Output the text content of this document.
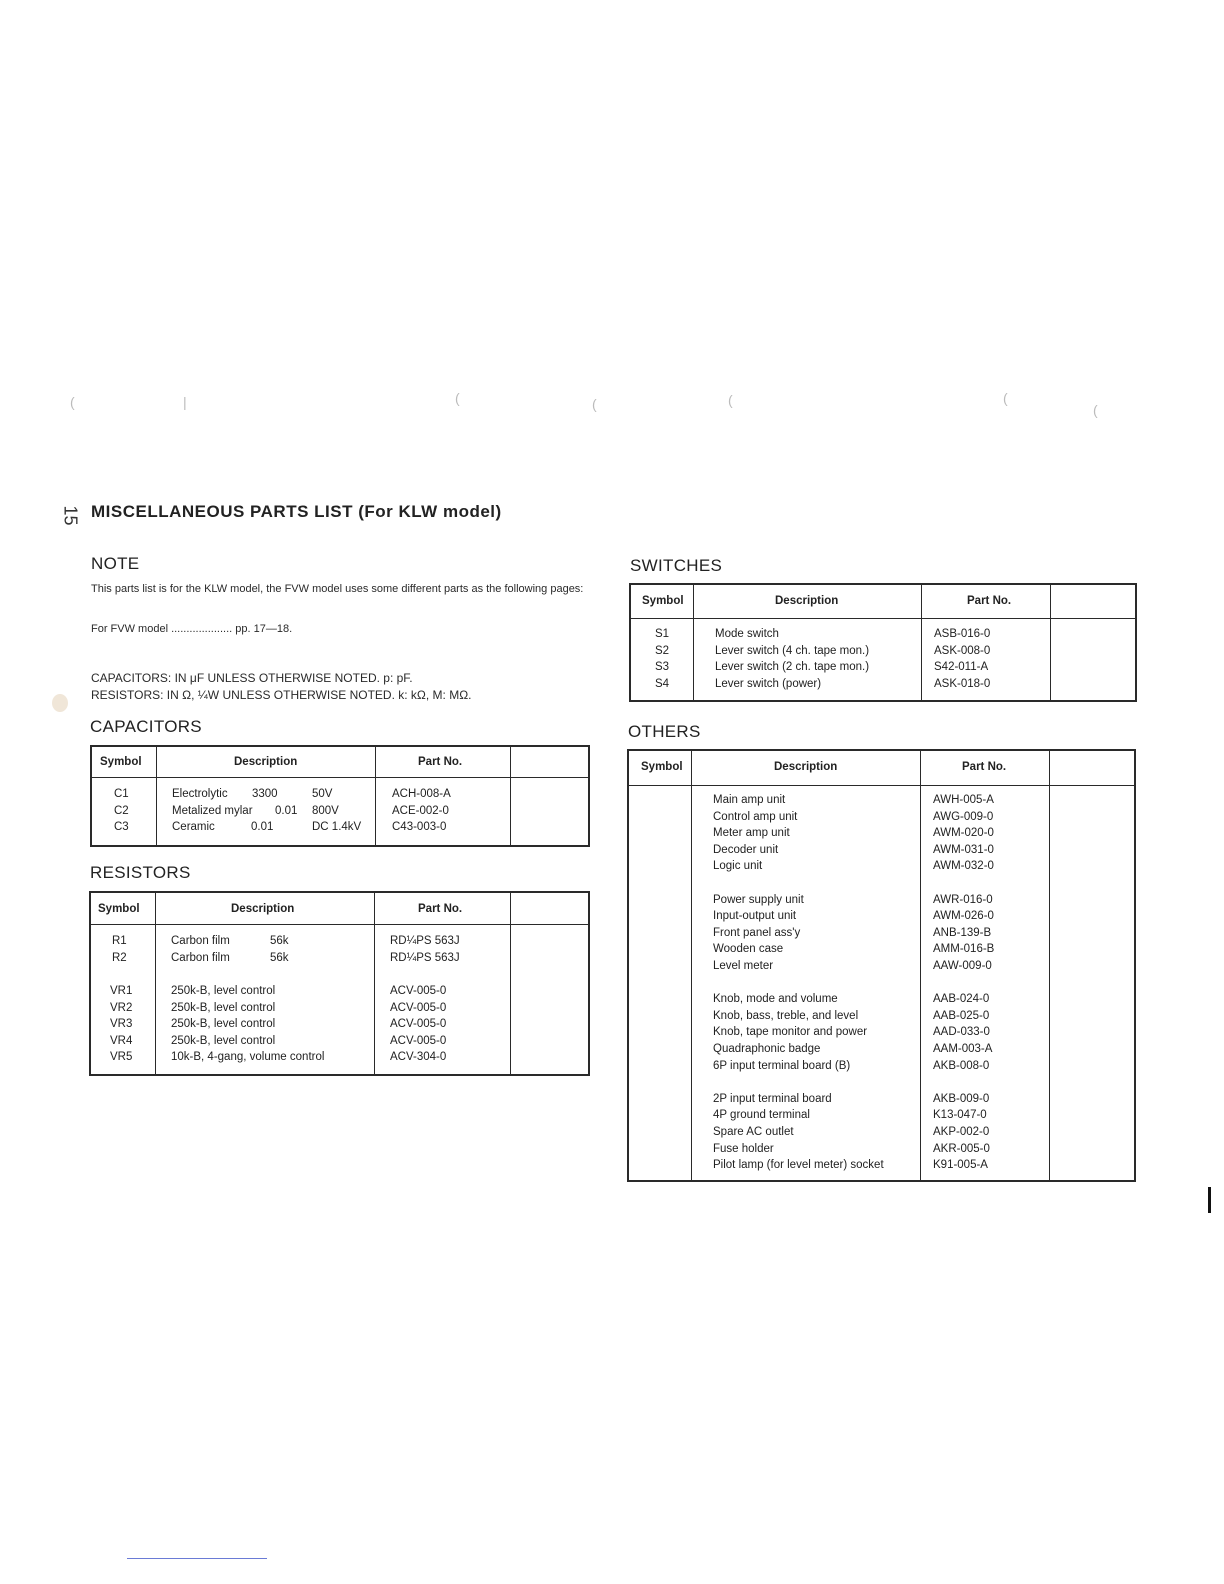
(	|	(	(	(	(
(
15 MISCELLANEOUS PARTS LIST (For KLW model)
NOTE
This parts list is for the KLW model, the FVW model uses some different parts as the following pages:
For FVW model .................... pp. 17—18.
CAPACITORS: IN μF UNLESS OTHERWISE NOTED. p: pF.
RESISTORS: IN Ω, ¼W UNLESS OTHERWISE NOTED. k: kΩ, M: MΩ.
CAPACITORS
Symbol	Description	Part No.
C1	Electrolytic 3300	50V	ACH-008-A
C2	Metalized mylar 0.01 800V	ACE-002-0
C3	Ceramic	0.01	DC 1.4kV	C43-003-0
RESISTORS
Symbol	Description	Part No.
R1	Carbon film	56k	RD¼PS 563J
R2	Carbon film	56k	RD¼PS 563J
VR1	250k-B, level control	ACV-005-0
VR2	250k-B, level control	ACV-005-0
VR3	250k-B, level control	ACV-005-0
VR4	250k-B, level control	ACV-005-0
VR5	10k-B, 4-gang, volume control	ACV-304-0
SWITCHES
Symbol	Description	Part No.
S1	Mode switch	ASB-016-0
S2	Lever switch (4 ch. tape mon.)	ASK-008-0
S3	Lever switch (2 ch. tape mon.)	S42-011-A
S4	Lever switch (power)	ASK-018-0
OTHERS
Symbol	Description	Part No.
Main amp unit	AWH-005-A
Control amp unit	AWG-009-0
Meter amp unit	AWM-020-0
Decoder unit	AWM-031-0
Logic unit	AWM-032-0
Power supply unit	AWR-016-0
Input-output unit	AWM-026-0
Front panel ass'y	ANB-139-B
Wooden case	AMM-016-B
Level meter	AAW-009-0
Knob, mode and volume	AAB-024-0
Knob, bass, treble, and level	AAB-025-0
Knob, tape monitor and power	AAD-033-0
Quadraphonic badge	AAM-003-A
6P input terminal board (B)	AKB-008-0
2P input terminal board	AKB-009-0
4P ground terminal	K13-047-0
Spare AC outlet	AKP-002-0
Fuse holder	AKR-005-0
Pilot lamp (for level meter) socket	K91-005-A
